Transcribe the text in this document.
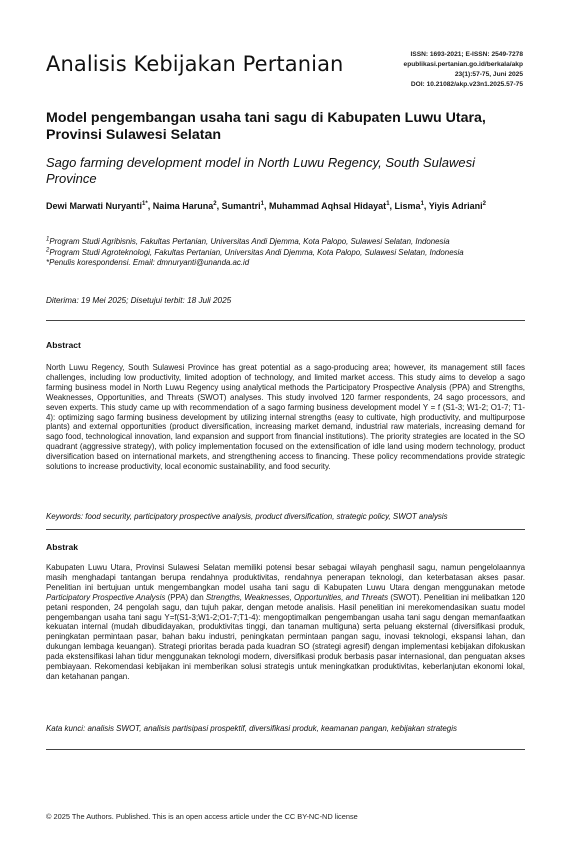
Analisis Kebijakan Pertanian	ISSN: 1693-2021; E-ISSN: 2549-7278
epublikasi.pertanian.go.id/berkala/akp
23(1):57-75, Juni 2025
DOI: 10.21082/akp.v23n1.2025.57-75
Model pengembangan usaha tani sagu di Kabupaten Luwu Utara, Provinsi Sulawesi Selatan
Sago farming development model in North Luwu Regency, South Sulawesi Province
Dewi Marwati Nuryanti$^{1*}$, Naima Haruna$^2$, Sumantri$^1$, Muhammad Aqhsal Hidayat$^1$, Lisma$^1$, Yiyis Adriani$^2$
$^1$Program Studi Agribisnis, Fakultas Pertanian, Universitas Andi Djemma, Kota Palopo, Sulawesi Selatan, Indonesia
$^2$Program Studi Agroteknologi, Fakultas Pertanian, Universitas Andi Djemma, Kota Palopo, Sulawesi Selatan, Indonesia
*Penulis korespondensi. Email: dmnuryanti@unanda.ac.id
Diterima: 19 Mei 2025; Disetujui terbit: 18 Juli 2025
Abstract
North Luwu Regency, South Sulawesi Province has great potential as a sago-producing area; however, its management still faces challenges, including low productivity, limited adoption of technology, and limited market access. This study aims to develop a sago farming business model in North Luwu Regency using analytical methods the Participatory Prospective Analysis (PPA) and Strengths, Weaknesses, Opportunities, and Threats (SWOT) analyses. This study involved 120 farmer respondents, 24 sago processors, and seven experts. This study came up with recommendation of a sago farming business development model Y = f (S1-3; W1-2; O1-7; T1-4): optimizing sago farming business development by utilizing internal strengths (easy to cultivate, high productivity, and multipurpose plants) and external opportunities (product diversification, increasing market demand, industrial raw materials, increasing demand for sago food, technological innovation, land expansion and support from financial institutions). The priority strategies are located in the SO quadrant (aggressive strategy), with policy implementation focused on the extensification of idle land using modern technology, product diversification based on international markets, and strengthening access to financing. These policy recommendations provide strategic solutions to increase productivity, local economic sustainability, and food security.
Keywords: food security, participatory prospective analysis, product diversification, strategic policy, SWOT analysis
Abstrak
Kabupaten Luwu Utara, Provinsi Sulawesi Selatan memiliki potensi besar sebagai wilayah penghasil sagu, namun pengelolaannya masih menghadapi tantangan berupa rendahnya produktivitas, rendahnya penerapan teknologi, dan keterbatasan akses pasar. Penelitian ini bertujuan untuk mengembangkan model usaha tani sagu di Kabupaten Luwu Utara dengan menggunakan metode Participatory Prospective Analysis (PPA) dan Strengths, Weaknesses, Opportunities, and Threats (SWOT). Penelitian ini melibatkan 120 petani responden, 24 pengolah sagu, dan tujuh pakar, dengan metode analisis. Hasil penelitian ini merekomendasikan suatu model pengembangan usaha tani sagu Y=f(S1-3;W1-2;O1-7;T1-4): mengoptimalkan pengembangan usaha tani sagu dengan memanfaatkan kekuatan internal (mudah dibudidayakan, produktivitas tinggi, dan tanaman multiguna) serta peluang eksternal (diversifikasi produk, peningkatan permintaan pasar, bahan baku industri, peningkatan permintaan pangan sagu, inovasi teknologi, ekspansi lahan, dan dukungan lembaga keuangan). Strategi prioritas berada pada kuadran SO (strategi agresif) dengan implementasi kebijakan difokuskan pada ekstensifikasi lahan tidur menggunakan teknologi modern, diversifikasi produk berbasis pasar internasional, dan penguatan akses pembiayaan. Rekomendasi kebijakan ini memberikan solusi strategis untuk meningkatkan produktivitas, keberlanjutan ekonomi lokal, dan ketahanan pangan.
Kata kunci: analisis SWOT, analisis partisipasi prospektif, diversifikasi produk, keamanan pangan, kebijakan strategis
© 2025 The Authors. Published. This is an open access article under the CC BY-NC-ND license
